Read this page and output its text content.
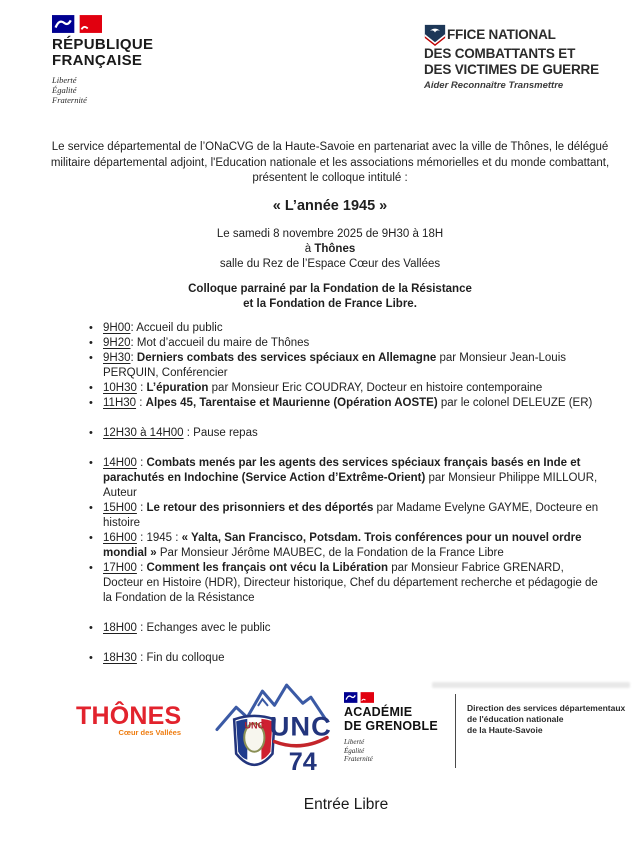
RÉPUBLIQUE
FRANÇAISE
Liberté
Égalité
Fraternité
FFICE NATIONAL
DES COMBATTANTS ET
DES VICTIMES DE GUERRE
Aider Reconnaître Transmettre

Le service départemental de l’ONaCVG de la Haute-Savoie en partenariat avec la ville de Thônes, le délégué militaire départemental adjoint, l'Education nationale et les associations mémorielles et du monde combattant, présentent le colloque intitulé :

« L’année 1945 »
Le samedi 8 novembre 2025 de 9H30 à 18H
à Thônes
salle du Rez de l’Espace Cœur des Vallées
Colloque parrainé par la Fondation de la Résistance
et la Fondation de France Libre.
• 9H00: Accueil du public
• 9H20: Mot d’accueil du maire de Thônes
• 9H30: Derniers combats des services spéciaux en Allemagne par Monsieur Jean-Louis PERQUIN, Conférencier
• 10H30 : L’épuration par Monsieur Eric COUDRAY, Docteur en histoire contemporaine
• 11H30 : Alpes 45, Tarentaise et Maurienne (Opération AOSTE) par le colonel DELEUZE (ER)
• 12H30 à 14H00 : Pause repas
• 14H00 : Combats menés par les agents des services spéciaux français basés en Inde et parachutés en Indochine (Service Action d’Extrême-Orient) par Monsieur Philippe MILLOUR, Auteur
• 15H00 : Le retour des prisonniers et des déportés par Madame Evelyne GAYME, Docteure en histoire
• 16H00 : 1945 : « Yalta, San Francisco, Potsdam. Trois conférences pour un nouvel ordre mondial » Par Monsieur Jérôme MAUBEC, de la Fondation de la France Libre
• 17H00 : Comment les français ont vécu la Libération par Monsieur Fabrice GRENARD, Docteur en Histoire (HDR), Directeur historique, Chef du département recherche et pédagogie de la Fondation de la Résistance
• 18H00 : Echanges avec le public
• 18H30 : Fin du colloque
THÔNES
Cœur des Vallées
UNC UNC
74
ACADÉMIE
DE GRENOBLE
Liberté
Égalité
Fraternité
Direction des services départementaux
de l'éducation nationale
de la Haute-Savoie
Entrée Libre
